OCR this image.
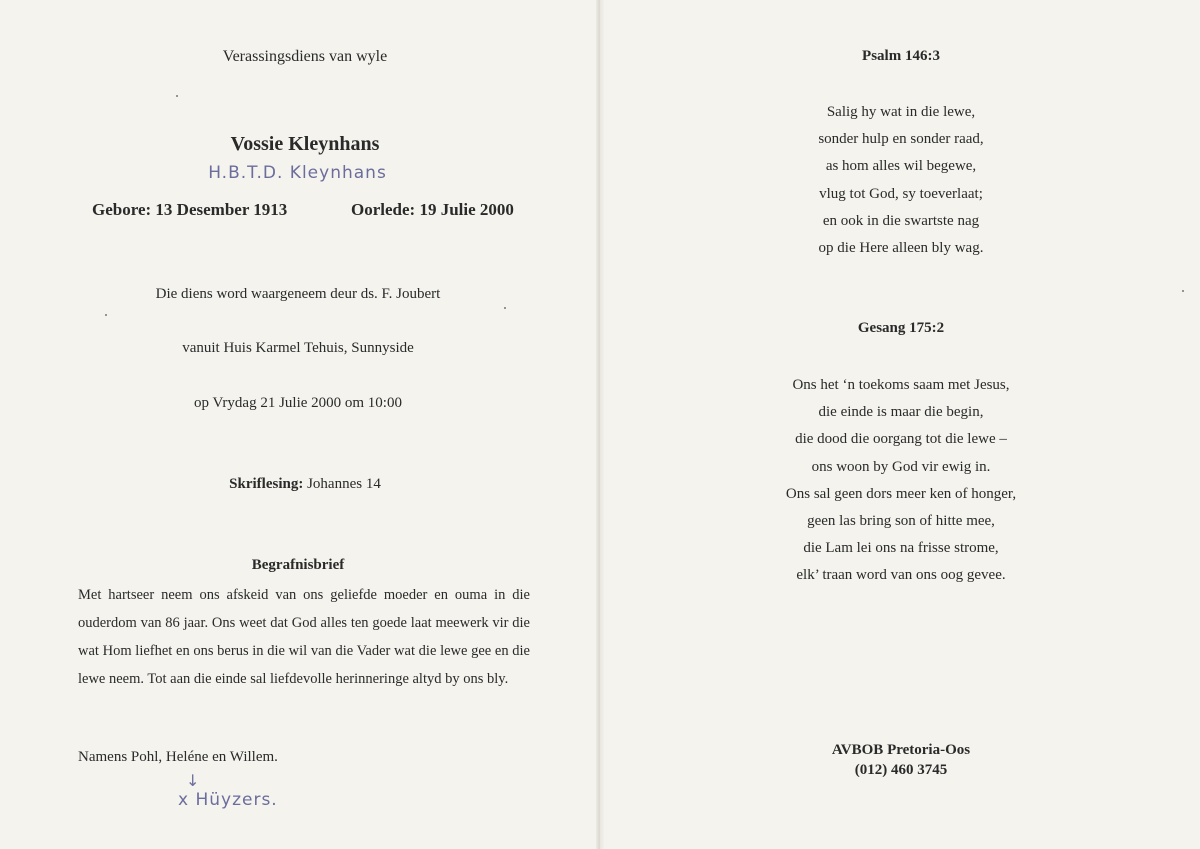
Verassingsdiens van wyle
Vossie Kleynhans
H.B.T.D. Kleynhans
Gebore: 13 Desember 1913	Oorlede: 19 Julie 2000
Die diens word waargeneem deur ds. F. Joubert
vanuit Huis Karmel Tehuis, Sunnyside
op Vrydag 21 Julie 2000 om 10:00
Skriflesing: Johannes 14
Begrafnisbrief
Met hartseer neem ons afskeid van ons geliefde moeder en ouma in die ouderdom van 86 jaar. Ons weet dat God alles ten goede laat meewerk vir die wat Hom liefhet en ons berus in die wil van die Vader wat die lewe gee en die lewe neem. Tot aan die einde sal liefdevolle herinneringe altyd by ons bly.
Namens Pohl, Heléne en Willem.
↓
x Hüyzers.
Psalm 146:3
Salig hy wat in die lewe,
sonder hulp en sonder raad,
as hom alles wil begewe,
vlug tot God, sy toeverlaat;
en ook in die swartste nag
op die Here alleen bly wag.
Gesang 175:2
Ons het ‘n toekoms saam met Jesus,
die einde is maar die begin,
die dood die oorgang tot die lewe –
ons woon by God vir ewig in.
Ons sal geen dors meer ken of honger,
geen las bring son of hitte mee,
die Lam lei ons na frisse strome,
elk’ traan word van ons oog gevee.
AVBOB Pretoria-Oos
(012) 460 3745
